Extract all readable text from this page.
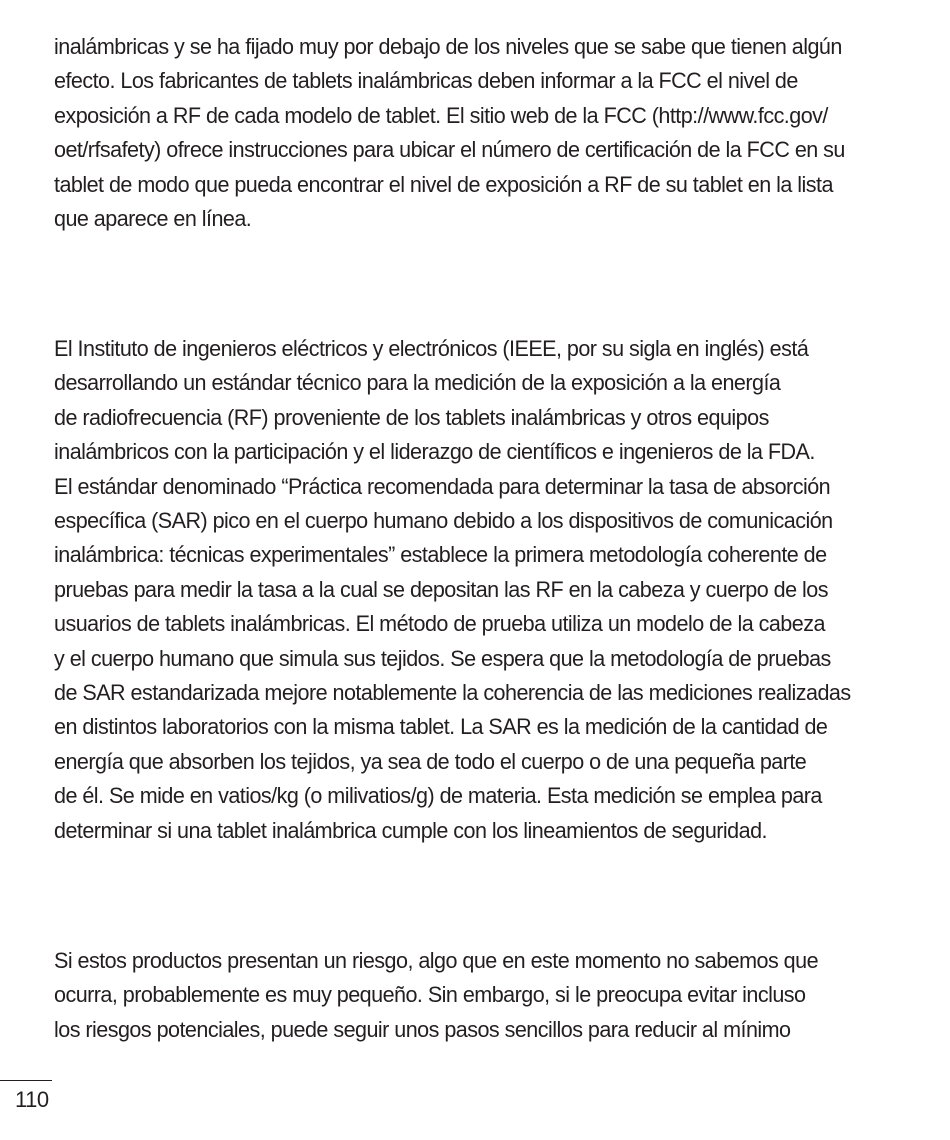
inalámbricas y se ha fijado muy por debajo de los niveles que se sabe que tienen algún
efecto. Los fabricantes de tablets inalámbricas deben informar a la FCC el nivel de
exposición a RF de cada modelo de tablet. El sitio web de la FCC (http://www.fcc.gov/
oet/rfsafety) ofrece instrucciones para ubicar el número de certificación de la FCC en su
tablet de modo que pueda encontrar el nivel de exposición a RF de su tablet en la lista
que aparece en línea.

El Instituto de ingenieros eléctricos y electrónicos (IEEE, por su sigla en inglés) está
desarrollando un estándar técnico para la medición de la exposición a la energía
de radiofrecuencia (RF) proveniente de los tablets inalámbricas y otros equipos
inalámbricos con la participación y el liderazgo de científicos e ingenieros de la FDA.
El estándar denominado “Práctica recomendada para determinar la tasa de absorción
específica (SAR) pico en el cuerpo humano debido a los dispositivos de comunicación
inalámbrica: técnicas experimentales” establece la primera metodología coherente de
pruebas para medir la tasa a la cual se depositan las RF en la cabeza y cuerpo de los
usuarios de tablets inalámbricas. El método de prueba utiliza un modelo de la cabeza
y el cuerpo humano que simula sus tejidos. Se espera que la metodología de pruebas
de SAR estandarizada mejore notablemente la coherencia de las mediciones realizadas
en distintos laboratorios con la misma tablet. La SAR es la medición de la cantidad de
energía que absorben los tejidos, ya sea de todo el cuerpo o de una pequeña parte
de él. Se mide en vatios/kg (o milivatios/g) de materia. Esta medición se emplea para
determinar si una tablet inalámbrica cumple con los lineamientos de seguridad.

Si estos productos presentan un riesgo, algo que en este momento no sabemos que
ocurra, probablemente es muy pequeño. Sin embargo, si le preocupa evitar incluso
los riesgos potenciales, puede seguir unos pasos sencillos para reducir al mínimo

110
